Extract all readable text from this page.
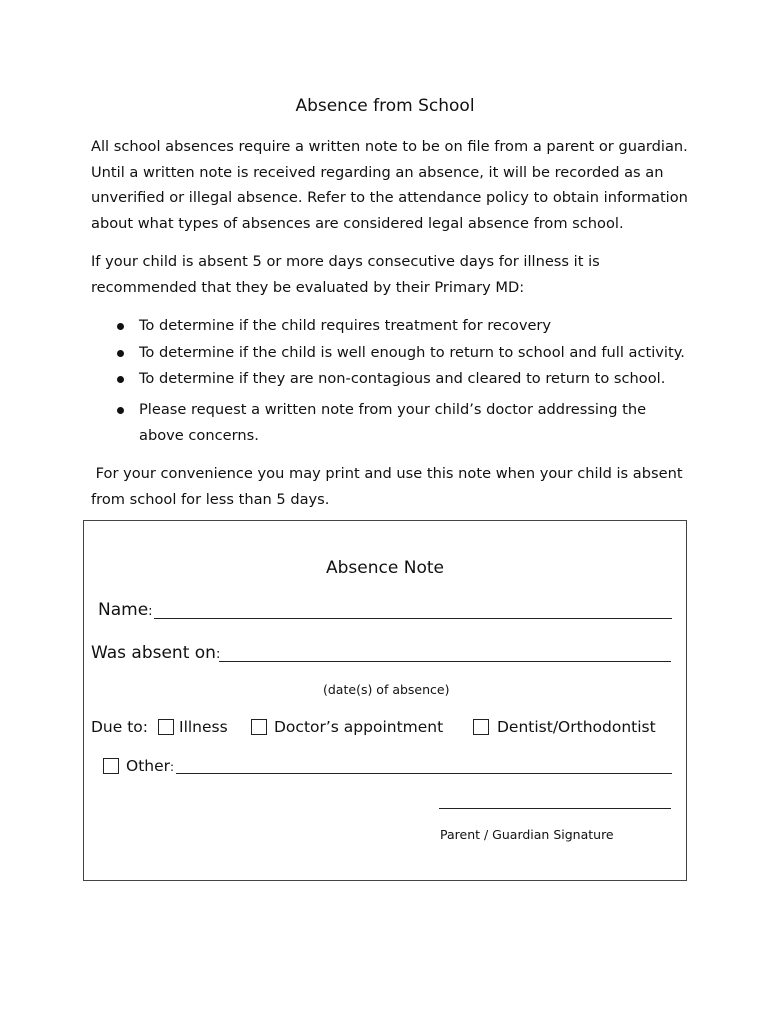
Absence from School

All school absences require a written note to be on file from a parent or guardian.
Until a written note is received regarding an absence, it will be recorded as an
unverified or illegal absence. Refer to the attendance policy to obtain information
about what types of absences are considered legal absence from school.

If your child is absent 5 or more days consecutive days for illness it is
recommended that they be evaluated by their Primary MD:

To determine if the child requires treatment for recovery
To determine if the child is well enough to return to school and full activity.
To determine if they are non-contagious and cleared to return to school.
Please request a written note from your child’s doctor addressing the
above concerns.

For your convenience you may print and use this note when your child is absent
from school for less than 5 days.

Absence Note
Name:
Was absent on:
(date(s) of absence)
Due to: Illness	Doctor’s appointment	Dentist/Orthodontist
Other:
Parent / Guardian Signature
